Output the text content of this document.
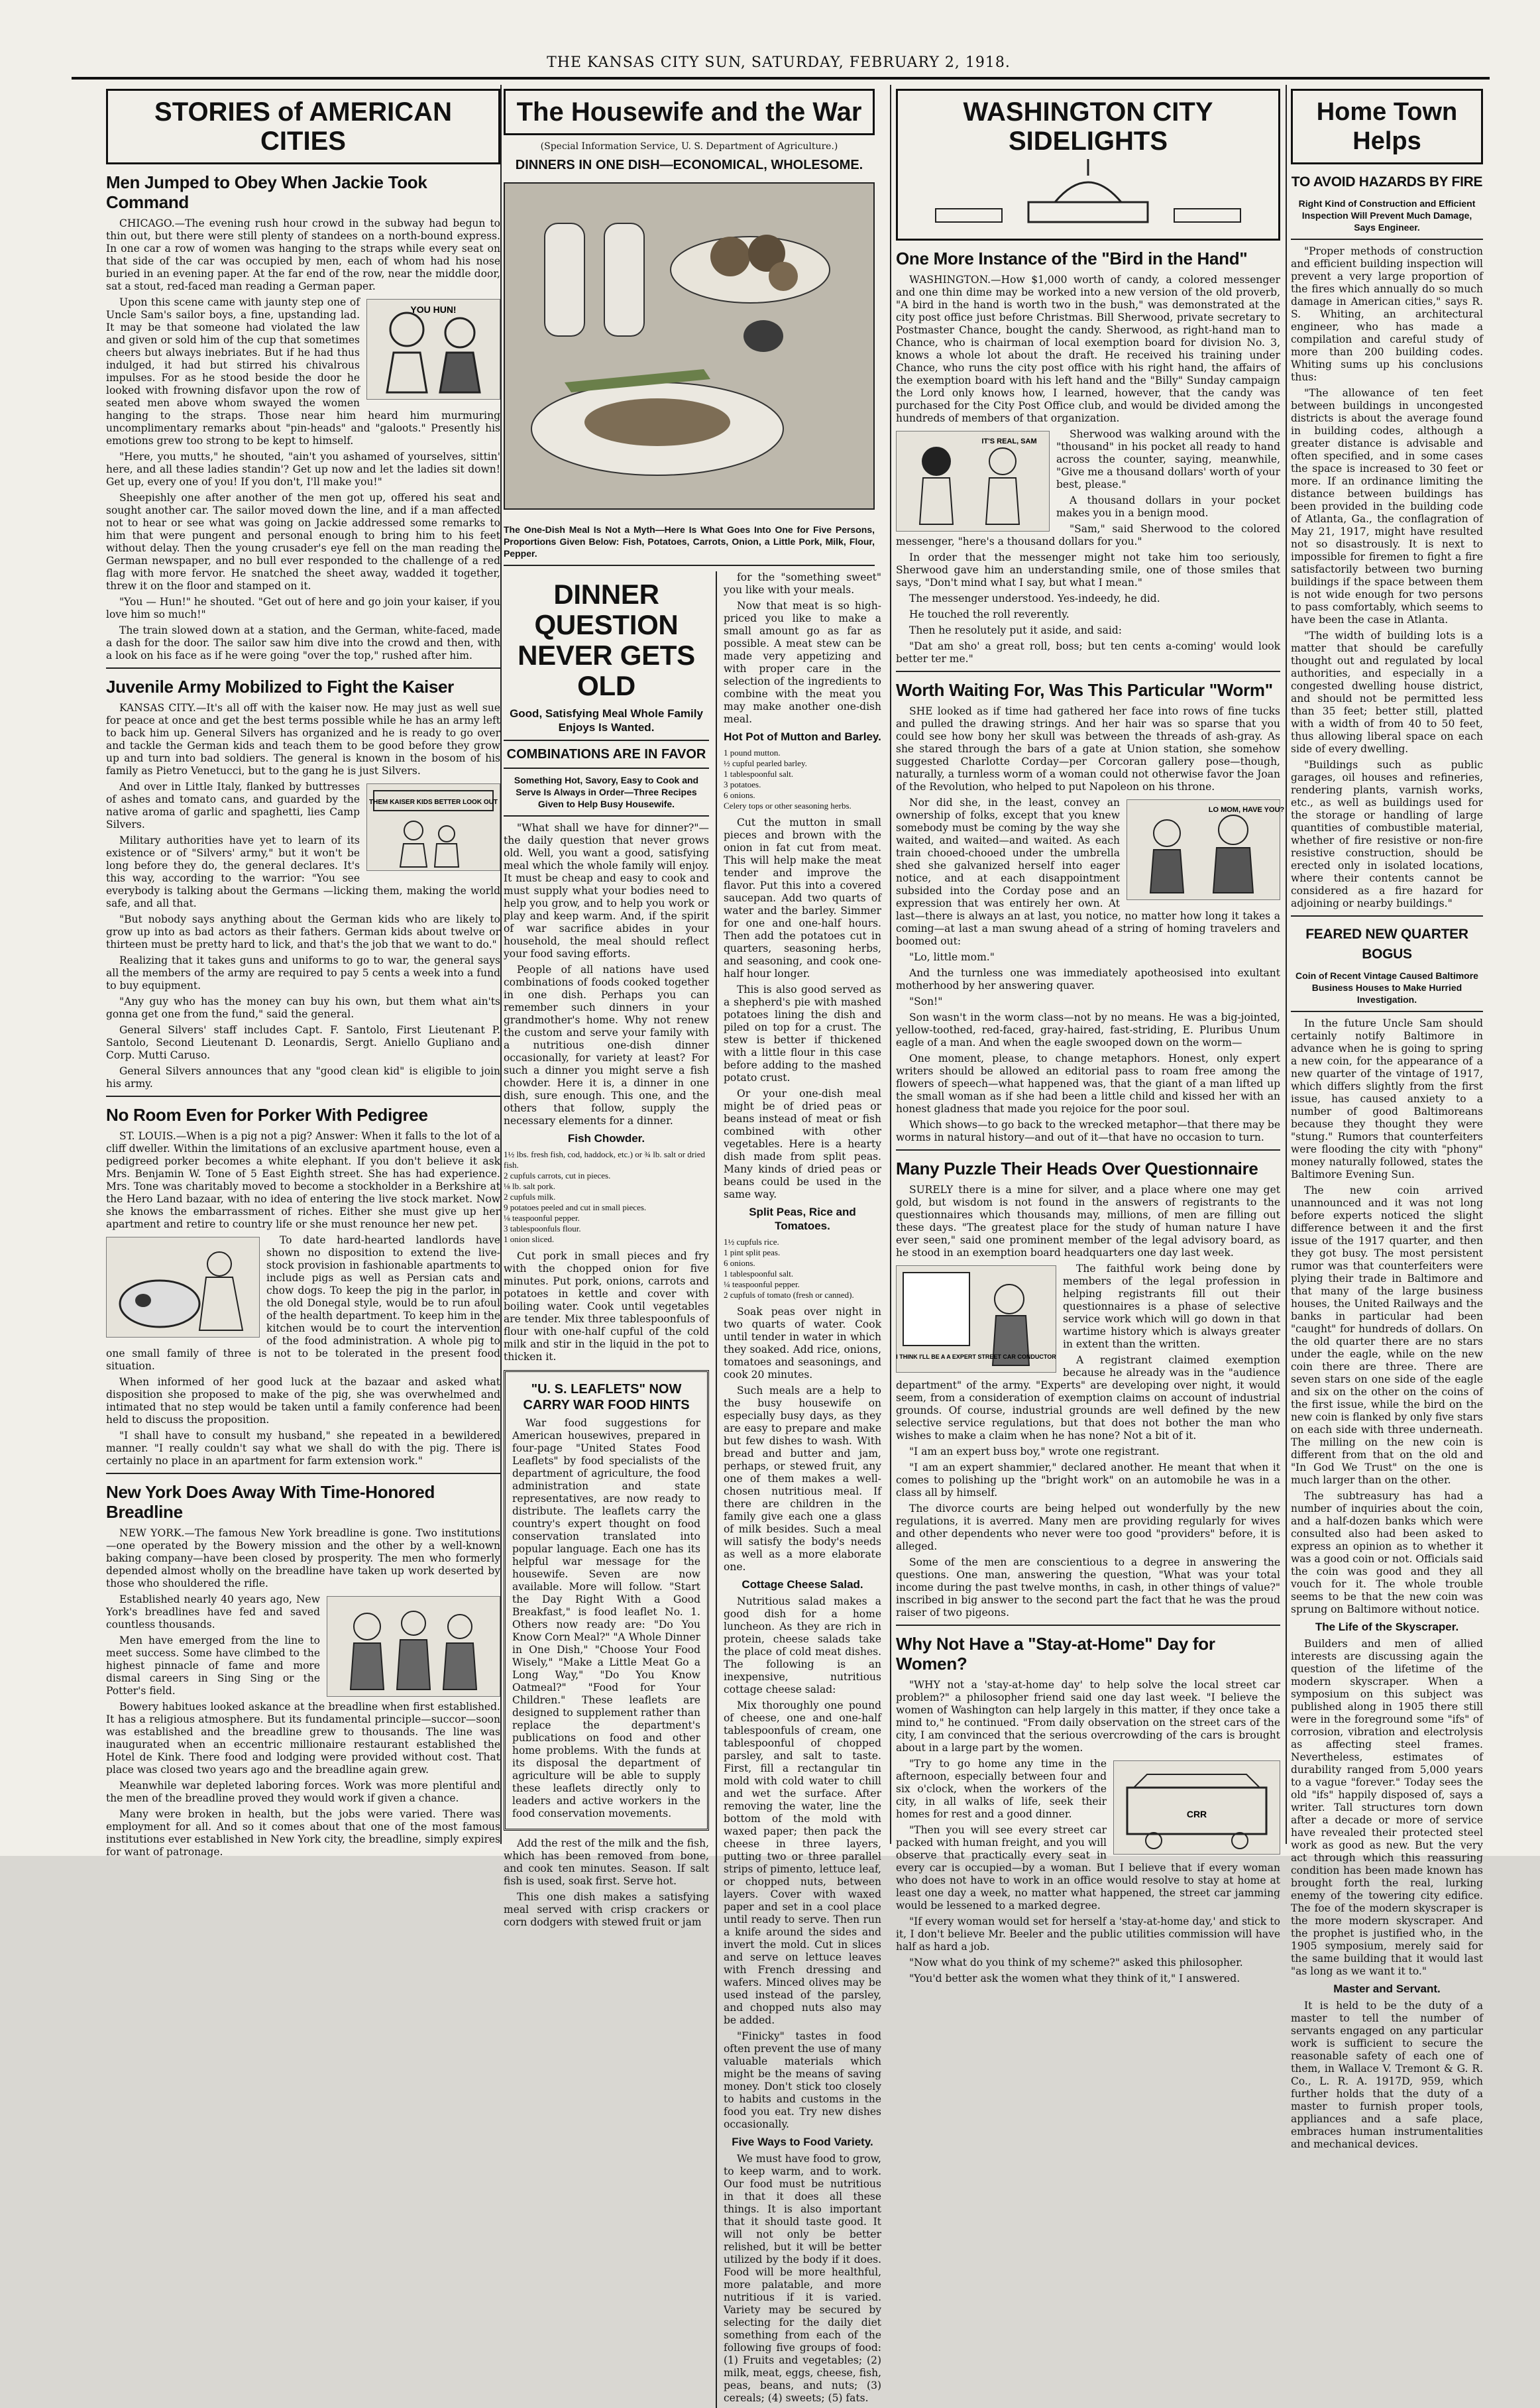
THE KANSAS CITY SUN, SATURDAY, FEBRUARY 2, 1918.
STORIES of AMERICAN CITIES
Men Jumped to Obey When Jackie Took Command

CHICAGO.—The evening rush hour crowd in the subway had begun to thin out, but there were still plenty of standees on a north-bound express. In one car a row of women was hanging to the straps while every seat on that side of the car was occupied by men, each of whom had his nose buried in an evening paper. At the far end of the row, near the middle door, sat a stout, red-faced man reading a German paper.

YOU HUN!

Upon this scene came with jaunty step one of Uncle Sam's sailor boys, a fine, upstanding lad. It may be that someone had violated the law and given or sold him of the cup that sometimes cheers but always inebriates. But if he had thus indulged, it had but stirred his chivalrous impulses. For as he stood beside the door he looked with frowning disfavor upon the row of seated men above whom swayed the women hanging to the straps. Those near him heard him murmuring uncomplimentary remarks about "pin-heads" and "galoots." Presently his emotions grew too strong to be kept to himself.

"Here, you mutts," he shouted, "ain't you ashamed of yourselves, sittin' here, and all these ladies standin'? Get up now and let the ladies sit down! Get up, every one of you! If you don't, I'll make you!"

Sheepishly one after another of the men got up, offered his seat and sought another car. The sailor moved down the line, and if a man affected not to hear or see what was going on Jackie addressed some remarks to him that were pungent and personal enough to bring him to his feet without delay. Then the young crusader's eye fell on the man reading the German newspaper, and no bull ever responded to the challenge of a red flag with more fervor. He snatched the sheet away, wadded it together, threw it on the floor and stamped on it.

"You — Hun!" he shouted. "Get out of here and go join your kaiser, if you love him so much!"

The train slowed down at a station, and the German, white-faced, made a dash for the door. The sailor saw him dive into the crowd and then, with a look on his face as if he were going "over the top," rushed after him.

Juvenile Army Mobilized to Fight the Kaiser

KANSAS CITY.—It's all off with the kaiser now. He may just as well sue for peace at once and get the best terms possible while he has an army left to back him up. General Silvers has organized and he is ready to go over and tackle the German kids and teach them to be good before they grow up and turn into bad soldiers. The general is known in the bosom of his family as Pietro Venetucci, but to the gang he is just Silvers.

THEM KAISER KIDS BETTER LOOK OUT

And over in Little Italy, flanked by buttresses of ashes and tomato cans, and guarded by the native aroma of garlic and spaghetti, lies Camp Silvers.

Military authorities have yet to learn of its existence or of "Silvers' army," but it won't be long before they do, the general declares. It's this way, according to the warrior: "You see everybody is talking about the Germans —licking them, making the world safe, and all that.

"But nobody says anything about the German kids who are likely to grow up into as bad actors as their fathers. German kids about twelve or thirteen must be pretty hard to lick, and that's the job that we want to do."

Realizing that it takes guns and uniforms to go to war, the general says all the members of the army are required to pay 5 cents a week into a fund to buy equipment.

"Any guy who has the money can buy his own, but them what ain'ts gonna get one from the fund," said the general.

General Silvers' staff includes Capt. F. Santolo, First Lieutenant P. Santolo, Second Lieutenant D. Leonardis, Sergt. Aniello Gupliano and Corp. Mutti Caruso.

General Silvers announces that any "good clean kid" is eligible to join his army.

No Room Even for Porker With Pedigree

ST. LOUIS.—When is a pig not a pig? Answer: When it falls to the lot of a cliff dweller. Within the limitations of an exclusive apartment house, even a pedigreed porker becomes a white elephant. If you don't believe it ask Mrs. Benjamin W. Tone of 5 East Eighth street. She has had experience. Mrs. Tone was charitably moved to become a stockholder in a Berkshire at the Hero Land bazaar, with no idea of entering the live stock market. Now she knows the embarrassment of riches. Either she must give up her apartment and retire to country life or she must renounce her new pet.

To date hard-hearted landlords have shown no disposition to extend the live-stock provision in fashionable apartments to include pigs as well as Persian cats and chow dogs. To keep the pig in the parlor, in the old Donegal style, would be to run afoul of the health department. To keep him in the kitchen would be to court the intervention of the food administration. A whole pig to one small family of three is not to be tolerated in the present food situation.

When informed of her good luck at the bazaar and asked what disposition she proposed to make of the pig, she was overwhelmed and intimated that no step would be taken until a family conference had been held to discuss the proposition.

"I shall have to consult my husband," she repeated in a bewildered manner. "I really couldn't say what we shall do with the pig. There is certainly no place in an apartment for farm extension work."

New York Does Away With Time-Honored Breadline

NEW YORK.—The famous New York breadline is gone. Two institutions—one operated by the Bowery mission and the other by a well-known baking company—have been closed by prosperity. The men who formerly depended almost wholly on the breadline have taken up work deserted by those who shouldered the rifle.

Established nearly 40 years ago, New York's breadlines have fed and saved countless thousands.

Men have emerged from the line to meet success. Some have climbed to the highest pinnacle of fame and more dismal careers in Sing Sing or the Potter's field.

Bowery habitues looked askance at the breadline when first established. It has a religious atmosphere. But its fundamental principle—succor—soon was established and the breadline grew to thousands. The line was inaugurated when an eccentric millionaire restaurant established the Hotel de Kink. There food and lodging were provided without cost. That place was closed two years ago and the breadline again grew.

Meanwhile war depleted laboring forces. Work was more plentiful and the men of the breadline proved they would work if given a chance.

Many were broken in health, but the jobs were varied. There was employment for all. And so it comes about that one of the most famous institutions ever established in New York city, the breadline, simply expires for want of patronage.

The Housewife and the War
(Special Information Service, U. S. Department of Agriculture.)
DINNERS IN ONE DISH—ECONOMICAL, WHOLESOME.
The One-Dish Meal Is Not a Myth—Here Is What Goes Into One for Five Persons, Proportions Given Below: Fish, Potatoes, Carrots, Onion, a Little Pork, Milk, Flour, Pepper.
DINNER QUESTION NEVER GETS OLD
Good, Satisfying Meal Whole Family Enjoys Is Wanted.
COMBINATIONS ARE IN FAVOR
Something Hot, Savory, Easy to Cook and Serve Is Always in Order—Three Recipes Given to Help Busy Housewife.

"What shall we have for dinner?"—the daily question that never grows old. Well, you want a good, satisfying meal which the whole family will enjoy. It must be cheap and easy to cook and must supply what your bodies need to help you grow, and to help you work or play and keep warm. And, if the spirit of war sacrifice abides in your household, the meal should reflect your food saving efforts.

People of all nations have used combinations of foods cooked together in one dish. Perhaps you can remember such dinners in your grandmother's home. Why not renew the custom and serve your family with a nutritious one-dish dinner occasionally, for variety at least? For such a dinner you might serve a fish chowder. Here it is, a dinner in one dish, sure enough. This one, and the others that follow, supply the necessary elements for a dinner.

Fish Chowder.
1½ lbs. fresh fish, cod, haddock, etc.) or ¾ lb. salt or dried fish.
2 cupfuls carrots, cut in pieces.
⅛ lb. salt pork.
2 cupfuls milk.
9 potatoes peeled and cut in small pieces.
⅛ teaspoonful pepper.
3 tablespoonfuls flour.
1 onion sliced.

Cut pork in small pieces and fry with the chopped onion for five minutes. Put pork, onions, carrots and potatoes in kettle and cover with boiling water. Cook until vegetables are tender. Mix three tablespoonfuls of flour with one-half cupful of the cold milk and stir in the liquid in the pot to thicken it.

"U. S. LEAFLETS" NOW CARRY WAR FOOD HINTS

War food suggestions for American housewives, prepared in four-page "United States Food Leaflets" by food specialists of the department of agriculture, the food administration and state representatives, are now ready to distribute. The leaflets carry the country's expert thought on food conservation translated into popular language. Each one has its helpful war message for the housewife. Seven are now available. More will follow. "Start the Day Right With a Good Breakfast," is food leaflet No. 1. Others now ready are: "Do You Know Corn Meal?" "A Whole Dinner in One Dish," "Choose Your Food Wisely," "Make a Little Meat Go a Long Way," "Do You Know Oatmeal?" "Food for Your Children." These leaflets are designed to supplement rather than replace the department's publications on food and other home problems. With the funds at its disposal the department of agriculture will be able to supply these leaflets directly only to leaders and active workers in the food conservation movements.

Add the rest of the milk and the fish, which has been removed from bone, and cook ten minutes. Season. If salt fish is used, soak first. Serve hot.

This one dish makes a satisfying meal served with crisp crackers or corn dodgers with stewed fruit or jam

for the "something sweet" you like with your meals.

Now that meat is so high-priced you like to make a small amount go as far as possible. A meat stew can be made very appetizing and with proper care in the selection of the ingredients to combine with the meat you may make another one-dish meal.

Hot Pot of Mutton and Barley.
1 pound mutton.
½ cupful pearled barley.
1 tablespoonful salt.
3 potatoes.
6 onions.
Celery tops or other seasoning herbs.

Cut the mutton in small pieces and brown with the onion in fat cut from meat. This will help make the meat tender and improve the flavor. Put this into a covered saucepan. Add two quarts of water and the barley. Simmer for one and one-half hours. Then add the potatoes cut in quarters, seasoning herbs, and seasoning, and cook one-half hour longer.

This is also good served as a shepherd's pie with mashed potatoes lining the dish and piled on top for a crust. The stew is better if thickened with a little flour in this case before adding to the mashed potato crust.

Or your one-dish meal might be of dried peas or beans instead of meat or fish combined with other vegetables. Here is a hearty dish made from split peas. Many kinds of dried peas or beans could be used in the same way.

Split Peas, Rice and Tomatoes.
1½ cupfuls rice.
1 pint split peas.
6 onions.
1 tablespoonful salt.
¼ teaspoonful pepper.
2 cupfuls of tomato (fresh or canned).

Soak peas over night in two quarts of water. Cook until tender in water in which they soaked. Add rice, onions, tomatoes and seasonings, and cook 20 minutes.

Such meals are a help to the busy housewife on especially busy days, as they are easy to prepare and make but few dishes to wash. With bread and butter and jam, perhaps, or stewed fruit, any one of them makes a well-chosen nutritious meal. If there are children in the family give each one a glass of milk besides. Such a meal will satisfy the body's needs as well as a more elaborate one.

Cottage Cheese Salad.

Nutritious salad makes a good dish for a home luncheon. As they are rich in protein, cheese salads take the place of cold meat dishes. The following is an inexpensive, nutritious cottage cheese salad:

Mix thoroughly one pound of cheese, one and one-half tablespoonfuls of cream, one tablespoonful of chopped parsley, and salt to taste. First, fill a rectangular tin mold with cold water to chill and wet the surface. After removing the water, line the bottom of the mold with waxed paper; then pack the cheese in three layers, putting two or three parallel strips of pimento, lettuce leaf, or chopped nuts, between layers. Cover with waxed paper and set in a cool place until ready to serve. Then run a knife around the sides and invert the mold. Cut in slices and serve on lettuce leaves with French dressing and wafers. Minced olives may be used instead of the parsley, and chopped nuts also may be added.

"Finicky" tastes in food often prevent the use of many valuable materials which might be the means of saving money. Don't stick too closely to habits and customs in the food you eat. Try new dishes occasionally.

Five Ways to Food Variety.

We must have food to grow, to keep warm, and to work. Our food must be nutritious in that it does all these things. It is also important that it should taste good. It will not only be better relished, but it will be better utilized by the body if it does. Food will be more healthful, more palatable, and more nutritious if it is varied. Variety may be secured by selecting for the daily diet something from each of the following five groups of food: (1) Fruits and vegetables; (2) milk, meat, eggs, cheese, fish, peas, beans, and nuts; (3) cereals; (4) sweets; (5) fats.

WASHINGTON CITY SIDELIGHTS
One More Instance of the "Bird in the Hand"

WASHINGTON.—How $1,000 worth of candy, a colored messenger and one thin dime may be worked into a new version of the old proverb, "A bird in the hand is worth two in the bush," was demonstrated at the city post office just before Christmas. Bill Sherwood, private secretary to Postmaster Chance, bought the candy. Sherwood, as right-hand man to Chance, who is chairman of local exemption board for division No. 3, knows a whole lot about the draft. He received his training under Chance, who runs the city post office with his right hand, the affairs of the exemption board with his left hand and the "Billy" Sunday campaign the Lord only knows how, I learned, however, that the candy was purchased for the City Post Office club, and would be divided among the hundreds of members of that organization.

IT'S REAL, SAM

Sherwood was walking around with the "thousand" in his pocket all ready to hand across the counter, saying, meanwhile, "Give me a thousand dollars' worth of your best, please."

A thousand dollars in your pocket makes you in a benign mood.

"Sam," said Sherwood to the colored messenger, "here's a thousand dollars for you."

In order that the messenger might not take him too seriously, Sherwood gave him an understanding smile, one of those smiles that says, "Don't mind what I say, but what I mean."

The messenger understood. Yes-indeedy, he did.

He touched the roll reverently.

Then he resolutely put it aside, and said:

"Dat am sho' a great roll, boss; but ten cents a-coming' would look better ter me."

Worth Waiting For, Was This Particular "Worm"

SHE looked as if time had gathered her face into rows of fine tucks and pulled the drawing strings. And her hair was so sparse that you could see how bony her skull was between the threads of ash-gray. As she stared through the bars of a gate at Union station, she somehow suggested Charlotte Corday—per Corcoran gallery pose—though, naturally, a turnless worm of a woman could not otherwise favor the Joan of the Revolution, who helped to put Napoleon on his throne.

LO MOM, HAVE YOU?

Nor did she, in the least, convey an ownership of folks, except that you knew somebody must be coming by the way she waited, and waited—and waited. As each train chooed-chooed under the umbrella shed she galvanized herself into eager notice, and at each disappointment subsided into the Corday pose and an expression that was entirely her own. At last—there is always an at last, you notice, no matter how long it takes a coming—at last a man swung ahead of a string of homing travelers and boomed out:

"Lo, little mom."

And the turnless one was immediately apotheosised into exultant motherhood by her answering quaver.

"Son!"

Son wasn't in the worm class—not by no means. He was a big-jointed, yellow-toothed, red-faced, gray-haired, fast-striding, E. Pluribus Unum eagle of a man. And when the eagle swooped down on the worm—

One moment, please, to change metaphors. Honest, only expert writers should be allowed an editorial pass to roam free among the flowers of speech—what happened was, that the giant of a man lifted up the small woman as if she had been a little child and kissed her with an honest gladness that made you rejoice for the poor soul.

Which shows—to go back to the wrecked metaphor—that there may be worms in natural history—and out of it—that have no occasion to turn.

Many Puzzle Their Heads Over Questionnaire

SURELY there is a mine for silver, and a place where one may get gold, but wisdom is not found in the answers of registrants to the questionnaires which thousands may, millions, of men are filling out these days. "The greatest place for the study of human nature I have ever seen," said one prominent member of the legal advisory board, as he stood in an exemption board headquarters one day last week.

I THINK I'LL BE A A EXPERT STREET CAR CONDUCTOR

The faithful work being done by members of the legal profession in helping registrants fill out their questionnaires is a phase of selective service work which will go down in that wartime history which is always greater in extent than the written.

A registrant claimed exemption because he already was in the "audience department" of the army. "Experts" are developing over night, it would seem, from a consideration of exemption claims on account of industrial grounds. Of course, industrial grounds are well defined by the new selective service regulations, but that does not bother the man who wishes to make a claim when he has none? Not a bit of it.

"I am an expert buss boy," wrote one registrant.

"I am an expert shammier," declared another. He meant that when it comes to polishing up the "bright work" on an automobile he was in a class all by himself.

The divorce courts are being helped out wonderfully by the new regulations, it is averred. Many men are providing regularly for wives and other dependents who never were too good "providers" before, it is alleged.

Some of the men are conscientious to a degree in answering the questions. One man, answering the question, "What was your total income during the past twelve months, in cash, in other things of value?" inscribed in big answer to the second part the fact that he was the proud raiser of two pigeons.

Why Not Have a "Stay-at-Home" Day for Women?

"WHY not a 'stay-at-home day' to help solve the local street car problem?" a philosopher friend said one day last week. "I believe the women of Washington can help largely in this matter, if they once take a mind to," he continued. "From daily observation on the street cars of the city, I am convinced that the serious overcrowding of the cars is brought about in a large part by the women.

CRR

"Try to go home any time in the afternoon, especially between four and six o'clock, when the workers of the city, in all walks of life, seek their homes for rest and a good dinner.

"Then you will see every street car packed with human freight, and you will observe that practically every seat in every car is occupied—by a woman. But I believe that if every woman who does not have to work in an office would resolve to stay at home at least one day a week, no matter what happened, the street car jamming would be lessened to a marked degree.

"If every woman would set for herself a 'stay-at-home day,' and stick to it, I don't believe Mr. Beeler and the public utilities commission will have half as hard a job.

"Now what do you think of my scheme?" asked this philosopher.

"You'd better ask the women what they think of it," I answered.

Home Town Helps
TO AVOID HAZARDS BY FIRE
Right Kind of Construction and Efficient Inspection Will Prevent Much Damage, Says Engineer.

"Proper methods of construction and efficient building inspection will prevent a very large proportion of the fires which annually do so much damage in American cities," says R. S. Whiting, an architectural engineer, who has made a compilation and careful study of more than 200 building codes. Whiting sums up his conclusions thus:

"The allowance of ten feet between buildings in uncongested districts is about the average found in building codes, although a greater distance is advisable and often specified, and in some cases the space is increased to 30 feet or more. If an ordinance limiting the distance between buildings has been provided in the building code of Atlanta, Ga., the conflagration of May 21, 1917, might have resulted not so disastrously. It is next to impossible for firemen to fight a fire satisfactorily between two burning buildings if the space between them is not wide enough for two persons to pass comfortably, which seems to have been the case in Atlanta.

"The width of building lots is a matter that should be carefully thought out and regulated by local authorities, and especially in a congested dwelling house district, and should not be permitted less than 35 feet; better still, platted with a width of from 40 to 50 feet, thus allowing liberal space on each side of every dwelling.

"Buildings such as public garages, oil houses and refineries, rendering plants, varnish works, etc., as well as buildings used for the storage or handling of large quantities of combustible material, whether of fire resistive or non-fire resistive construction, should be erected only in isolated locations, where their contents cannot be considered as a fire hazard for adjoining or nearby buildings."

FEARED NEW QUARTER BOGUS
Coin of Recent Vintage Caused Baltimore Business Houses to Make Hurried Investigation.

In the future Uncle Sam should certainly notify Baltimore in advance when he is going to spring a new coin, for the appearance of a new quarter of the vintage of 1917, which differs slightly from the first issue, has caused anxiety to a number of good Baltimoreans because they thought they were "stung." Rumors that counterfeiters were flooding the city with "phony" money naturally followed, states the Baltimore Evening Sun.

The new coin arrived unannounced and it was not long before experts noticed the slight difference between it and the first issue of the 1917 quarter, and then they got busy. The most persistent rumor was that counterfeiters were plying their trade in Baltimore and that many of the large business houses, the United Railways and the banks in particular had been "caught" for hundreds of dollars. On the old quarter there are no stars under the eagle, while on the new coin there are three. There are seven stars on one side of the eagle and six on the other on the coins of the first issue, while the bird on the new coin is flanked by only five stars on each side with three underneath. The milling on the new coin is different from that on the old and "In God We Trust" on the one is much larger than on the other.

The subtreasury has had a number of inquiries about the coin, and a half-dozen banks which were consulted also had been asked to express an opinion as to whether it was a good coin or not. Officials said the coin was good and they all vouch for it. The whole trouble seems to be that the new coin was sprung on Baltimore without notice.

The Life of the Skyscraper.

Builders and men of allied interests are discussing again the question of the lifetime of the modern skyscraper. When a symposium on this subject was published along in 1905 there still were in the foreground some "ifs" of corrosion, vibration and electrolysis as affecting steel frames. Nevertheless, estimates of durability ranged from 5,000 years to a vague "forever." Today sees the old "ifs" happily disposed of, says a writer. Tall structures torn down after a decade or more of service have revealed their protected steel work as good as new. But the very act through which this reassuring condition has been made known has brought forth the real, lurking enemy of the towering city edifice. The foe of the modern skyscraper is the more modern skyscraper. And the prophet is justified who, in the 1905 symposium, merely said for the same building that it would last "as long as we want it to."

Master and Servant.

It is held to be the duty of a master to tell the number of servants engaged on any particular work is sufficient to secure the reasonable safety of each one of them, in Wallace V. Tremont & G. R. Co., L. R. A. 1917D, 959, which further holds that the duty of a master to furnish proper tools, appliances and a safe place, embraces human instrumentalities and mechanical devices.
